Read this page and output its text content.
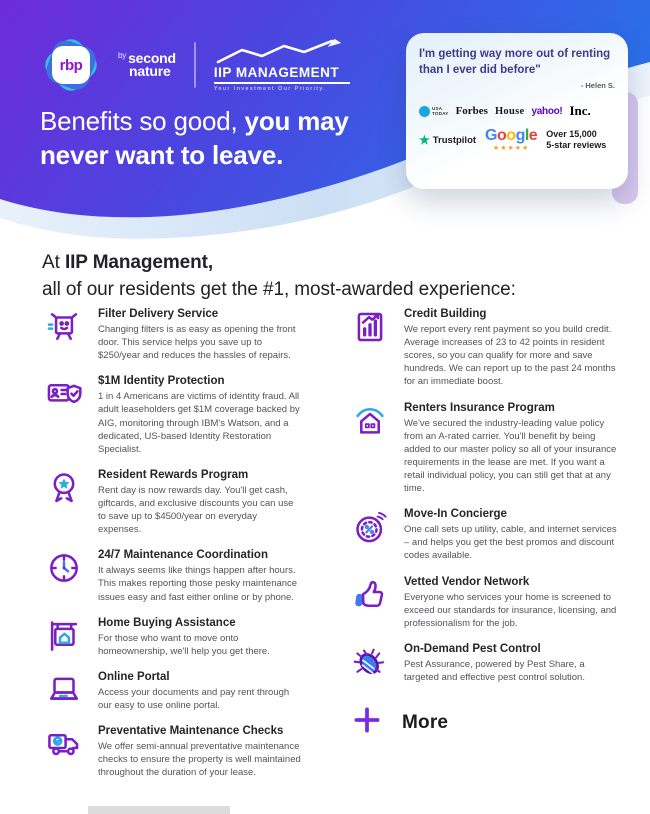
rbp
$^{by}$ second
nature	IIP MANAGEMENT
Your Investment Our Priority.
Benefits so good, you may
never want to leave.
I'm getting way more out of renting than I ever did before"
- Helen S.
USA
TODAY Forbes House yahoo! Inc.
★ Trustpilot Google
★★★★★
Over 15,000
5-star reviews
At IIP Management,
all of our residents get the #1, most-awarded experience:
Filter Delivery Service
Changing filters is as easy as opening the front door. This service helps you save up to $250/year and reduces the hassles of repairs.
$1M Identity Protection
1 in 4 Americans are victims of identity fraud. All adult leaseholders get $1M coverage backed by AIG, monitoring through IBM's Watson, and a dedicated, US-based Identity Restoration Specialist.
Resident Rewards Program
Rent day is now rewards day. You'll get cash, giftcards, and exclusive discounts you can use to save up to $4500/year on everyday expenses.
24/7 Maintenance Coordination
It always seems like things happen after hours. This makes reporting those pesky maintenance issues easy and fast either online or by phone.
Home Buying Assistance
For those who want to move onto homeownership, we'll help you get there.
Online Portal
Access your documents and pay rent through our easy to use online portal.
Preventative Maintenance Checks
We offer semi-annual preventative maintenance checks to ensure the property is well maintained throughout the duration of your lease.
Credit Building
We report every rent payment so you build credit. Average increases of 23 to 42 points in resident scores, so you can qualify for more and save hundreds. We can report up to the past 24 months for an immediate boost.
Renters Insurance Program
We've secured the industry-leading value policy from an A-rated carrier. You'll benefit by being added to our master policy so all of your insurance requirements in the lease are met. If you want a retail individual policy, you can still get that at any time.
Move-In Concierge
One call sets up utility, cable, and internet services – and helps you get the best promos and discount codes available.
Vetted Vendor Network
Everyone who services your home is screened to exceed our standards for insurance, licensing, and professionalism for the job.
On-Demand Pest Control
Pest Assurance, powered by Pest Share, a targeted and effective pest control solution.
More
